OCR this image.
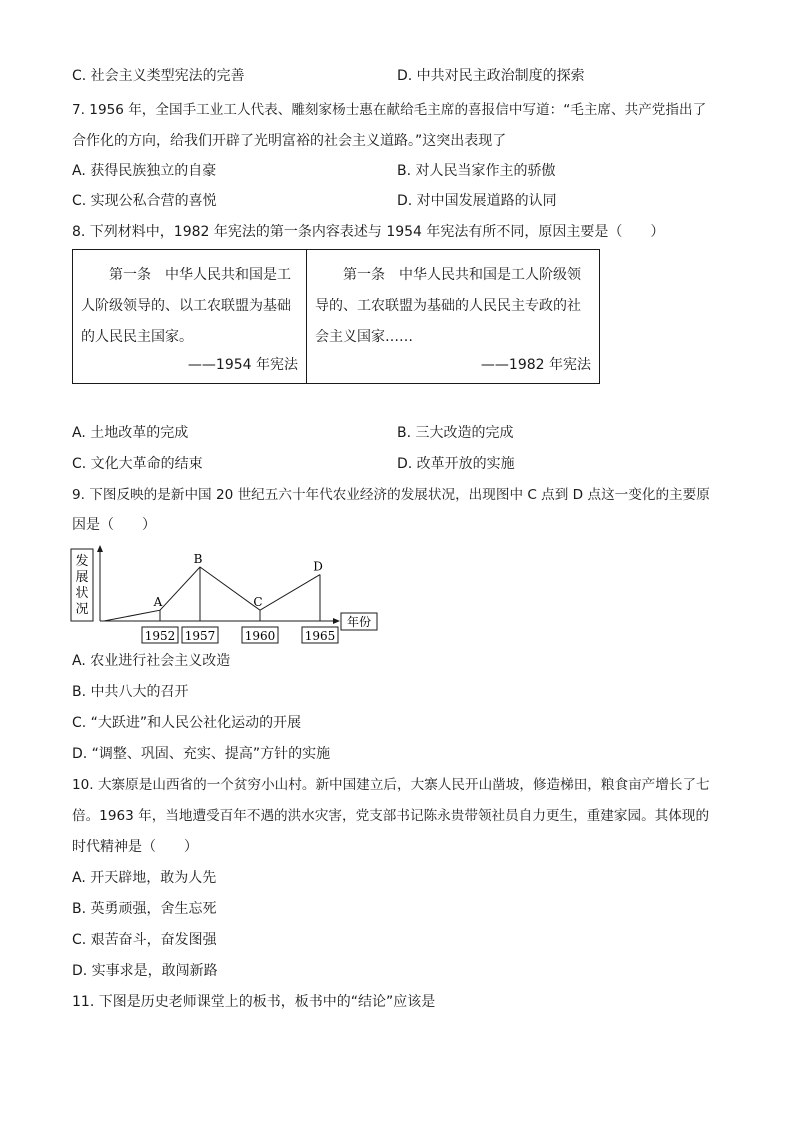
C. 社会主义类型宪法的完善	D. 中共对民主政治制度的探索
7. 1956 年，全国手工业工人代表、雕刻家杨士惠在献给毛主席的喜报信中写道：“毛主席、共产党指出了
合作化的方向，给我们开辟了光明富裕的社会主义道路。”这突出表现了
A. 获得民族独立的自豪	B. 对人民当家作主的骄傲
C. 实现公私合营的喜悦	D. 对中国发展道路的认同
8. 下列材料中，1982 年宪法的第一条内容表述与 1954 年宪法有所不同，原因主要是（　　）
第一条　中华人民共和国是工
人阶级领导的、以工农联盟为基础
的人民民主国家。
——1954 年宪法

第一条　中华人民共和国是工人阶级领
导的、工农联盟为基础的人民民主专政的社
会主义国家……
——1982 年宪法
A. 土地改革的完成	B. 三大改造的完成
C. 文化大革命的结束	D. 改革开放的实施
9. 下图反映的是新中国 20 世纪五六十年代农业经济的发展状况，出现图中 C 点到 D 点这一变化的主要原
因是（　　）
发
展
状
况
年份
A
1952
B
1957
C
1960
D
1965
A. 农业进行社会主义改造
B. 中共八大的召开
C. “大跃进”和人民公社化运动的开展
D. “调整、巩固、充实、提高”方针的实施
10. 大寨原是山西省的一个贫穷小山村。新中国建立后，大寨人民开山凿坡，修造梯田，粮食亩产增长了七
倍。1963 年，当地遭受百年不遇的洪水灾害，党支部书记陈永贵带领社员自力更生，重建家园。其体现的
时代精神是（　　）
A. 开天辟地，敢为人先
B. 英勇顽强，舍生忘死
C. 艰苦奋斗，奋发图强
D. 实事求是，敢闯新路
11. 下图是历史老师课堂上的板书，板书中的“结论”应该是
